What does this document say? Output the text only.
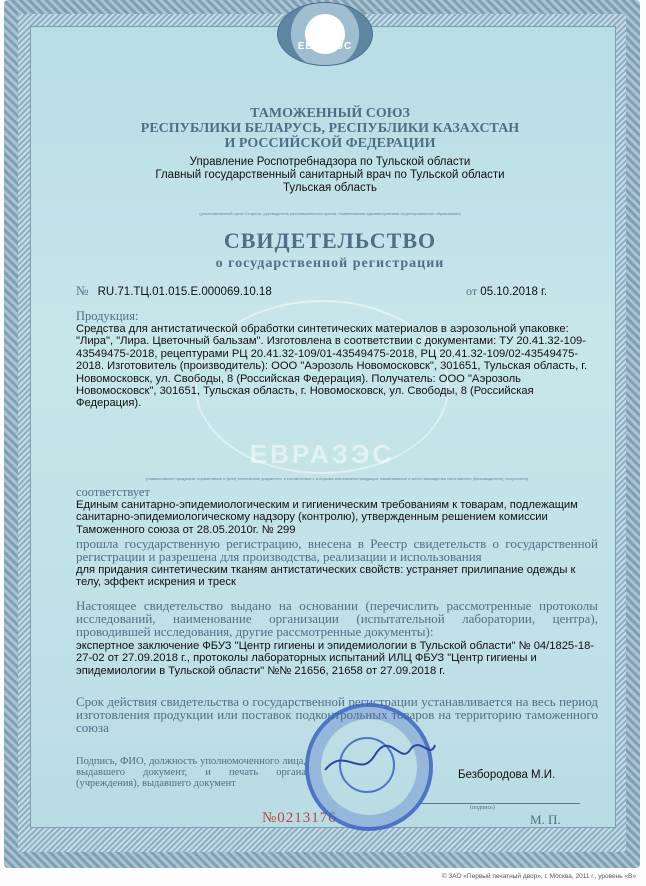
ЕВРАЗЭС
ЕВРАЗЭС
ТАМОЖЕННЫЙ СОЮЗ
РЕСПУБЛИКИ БЕЛАРУСЬ, РЕСПУБЛИКИ КАЗАХСТАН
И РОССИЙСКОЙ ФЕДЕРАЦИИ
Управление Роспотребнадзора по Тульской области
Главный государственный санитарный врач по Тульской области
Тульская область
(уполномоченный орган Стороны, руководитель уполномоченного органа, наименование административно-территориального образования)
СВИДЕТЕЛЬСТВО
о государственной регистрации
№ RU.71.ТЦ.01.015.Е.000069.10.18	от 05.10.2018 г.
Продукция:
Средства для антистатической обработки синтетических материалов в аэрозольной упаковке: "Лира", "Лира. Цветочный бальзам". Изготовлена в соответствии с документами: ТУ 20.41.32-109-43549475-2018, рецептурами РЦ 20.41.32-109/01-43549475-2018, РЦ 20.41.32-109/02-43549475-2018. Изготовитель (производитель): ООО "Аэрозоль Новомосковск", 301651, Тульская область, г. Новомосковск, ул. Свободы, 8 (Российская Федерация). Получатель: ООО "Аэрозоль Новомосковск", 301651, Тульская область, г. Новомосковск, ул. Свободы, 8 (Российская Федерация).
(наименование продукции, нормативные и (или) технические документы, в соответствии с которыми изготовлена продукция, наименование и место нахождения изготовителя (производителя), получателя)
соответствует
Единым санитарно-эпидемиологическим и гигиеническим требованиям к товарам, подлежащим санитарно-эпидемиологическому надзору (контролю), утвержденным решением комиссии Таможенного союза от 28.05.2010г. № 299
прошла государственную регистрацию, внесена в Реестр свидетельств о государственной регистрации и разрешена для производства, реализации и использования
для придания синтетическим тканям антистатических свойств: устраняет прилипание одежды к телу, эффект искрения и треск
Настоящее свидетельство выдано на основании (перечислить рассмотренные протоколы исследований, наименование организации (испытательной лаборатории, центра), проводившей исследования, другие рассмотренные документы):
экспертное заключение ФБУЗ "Центр гигиены и эпидемиологии в Тульской области" № 04/1825-18-27-02 от 27.09.2018 г., протоколы лабораторных испытаний ИЛЦ ФБУЗ "Центр гигиены и эпидемиологии в Тульской области" №№ 21656, 21658 от 27.09.2018 г.
Срок действия свидетельства о государственной регистрации устанавливается на весь период изготовления продукции или поставок подконтрольных товаров на территорию таможенного союза
Подпись, ФИО, должность уполномоченного лица, выдавшего документ, и печать органа (учреждения), выдавшего документ
Безбородова М.И.
(подпись)
М. П.
№0213176
© ЗАО «Первый печатный двор», г. Москва, 2011 г., уровень «В»
